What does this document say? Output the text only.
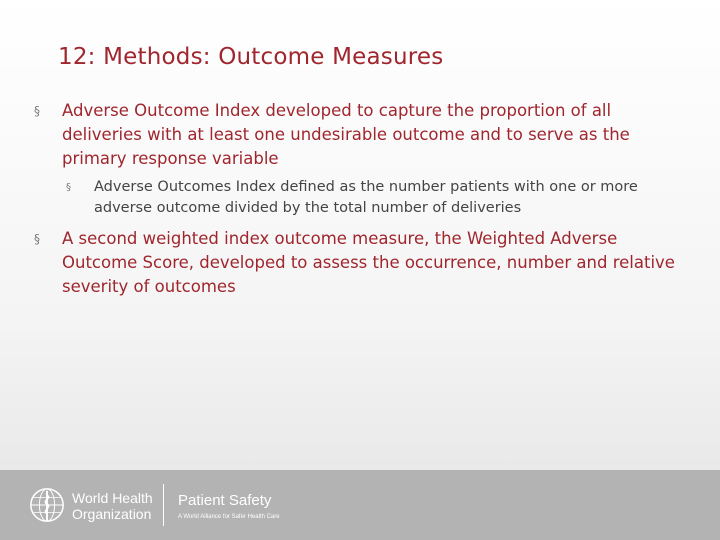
12: Methods: Outcome Measures
§	Adverse Outcome Index developed to capture the proportion of all deliveries with at least one undesirable outcome and to serve as the primary response variable
§	Adverse Outcomes Index defined as the number patients with one or more adverse outcome divided by the total number of deliveries
§	A second weighted index outcome measure, the Weighted Adverse Outcome Score, developed to assess the occurrence, number and relative severity of outcomes
World Health
Organization
Patient Safety
A World Alliance for Safer Health Care
